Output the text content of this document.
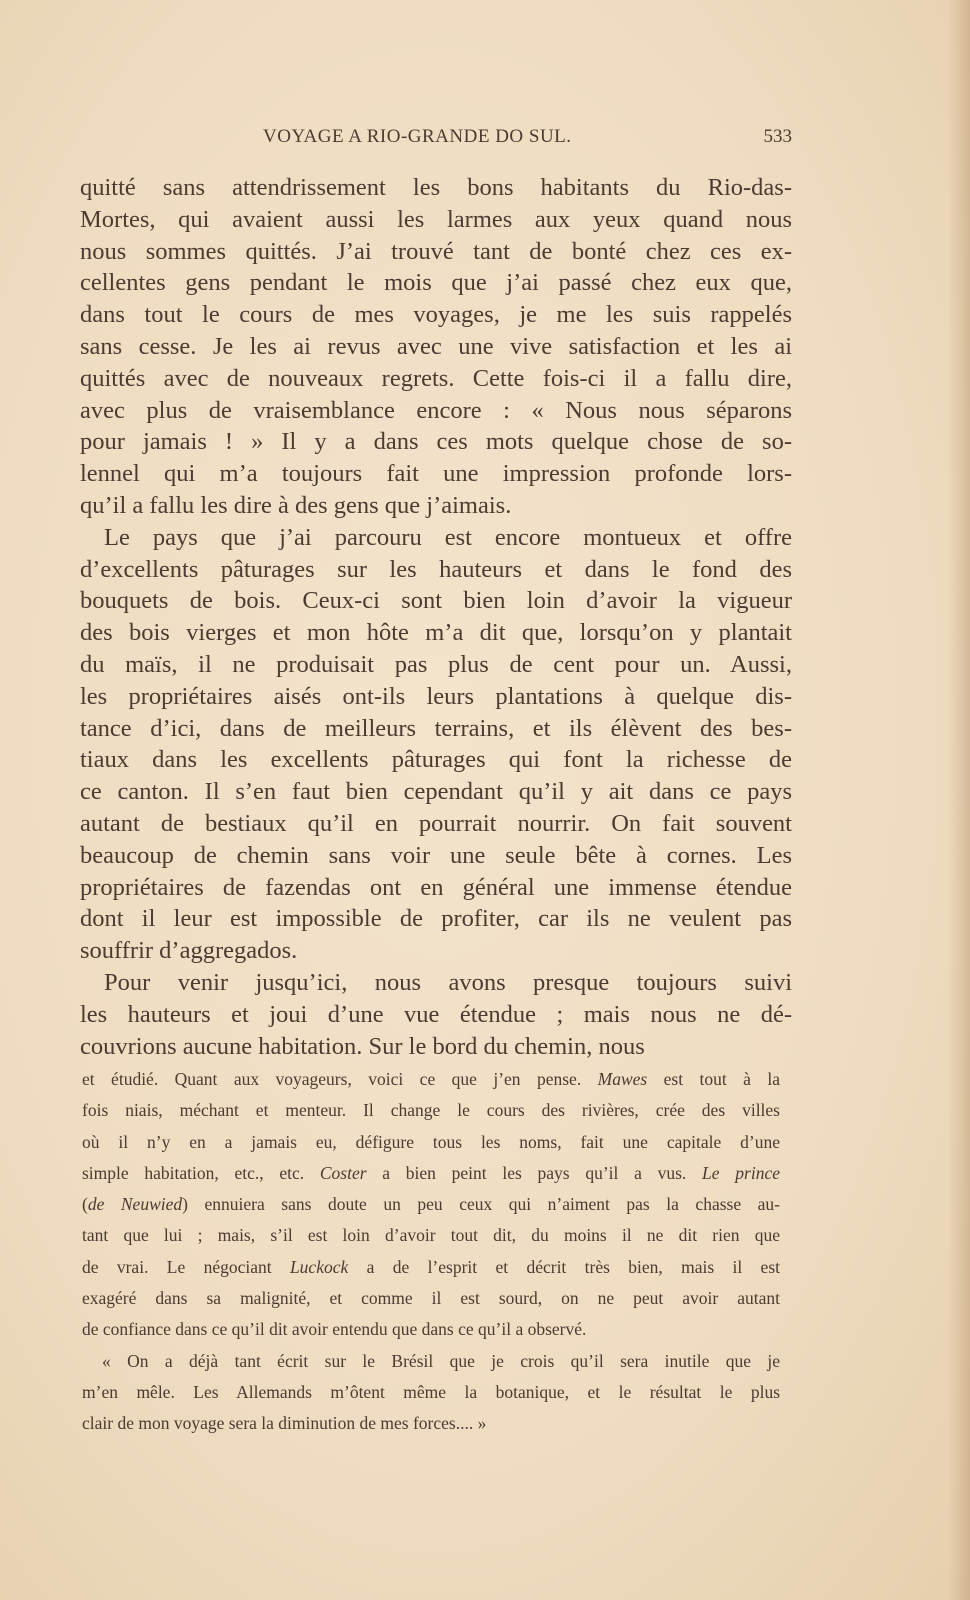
VOYAGE A RIO-GRANDE DO SUL.	533
quitté sans attendrissement les bons habitants du Rio-das-
Mortes, qui avaient aussi les larmes aux yeux quand nous
nous sommes quittés. J’ai trouvé tant de bonté chez ces ex-
cellentes gens pendant le mois que j’ai passé chez eux que,
dans tout le cours de mes voyages, je me les suis rappelés
sans cesse. Je les ai revus avec une vive satisfaction et les ai
quittés avec de nouveaux regrets. Cette fois-ci il a fallu dire,
avec plus de vraisemblance encore : « Nous nous séparons
pour jamais ! » Il y a dans ces mots quelque chose de so-
lennel qui m’a toujours fait une impression profonde lors-
qu’il a fallu les dire à des gens que j’aimais.
Le pays que j’ai parcouru est encore montueux et offre
d’excellents pâturages sur les hauteurs et dans le fond des
bouquets de bois. Ceux-ci sont bien loin d’avoir la vigueur
des bois vierges et mon hôte m’a dit que, lorsqu’on y plantait
du maïs, il ne produisait pas plus de cent pour un. Aussi,
les propriétaires aisés ont-ils leurs plantations à quelque dis-
tance d’ici, dans de meilleurs terrains, et ils élèvent des bes-
tiaux dans les excellents pâturages qui font la richesse de
ce canton. Il s’en faut bien cependant qu’il y ait dans ce pays
autant de bestiaux qu’il en pourrait nourrir. On fait souvent
beaucoup de chemin sans voir une seule bête à cornes. Les
propriétaires de fazendas ont en général une immense étendue
dont il leur est impossible de profiter, car ils ne veulent pas
souffrir d’aggregados.
Pour venir jusqu’ici, nous avons presque toujours suivi
les hauteurs et joui d’une vue étendue ; mais nous ne dé-
couvrions aucune habitation. Sur le bord du chemin, nous
et étudié. Quant aux voyageurs, voici ce que j’en pense. Mawes est tout à la
fois niais, méchant et menteur. Il change le cours des rivières, crée des villes
où il n’y en a jamais eu, défigure tous les noms, fait une capitale d’une
simple habitation, etc., etc. Coster a bien peint les pays qu’il a vus. Le prince
(de Neuwied) ennuiera sans doute un peu ceux qui n’aiment pas la chasse au-
tant que lui ; mais, s’il est loin d’avoir tout dit, du moins il ne dit rien que
de vrai. Le négociant Luckock a de l’esprit et décrit très bien, mais il est
exagéré dans sa malignité, et comme il est sourd, on ne peut avoir autant
de confiance dans ce qu’il dit avoir entendu que dans ce qu’il a observé.
« On a déjà tant écrit sur le Brésil que je crois qu’il sera inutile que je
m’en mêle. Les Allemands m’ôtent même la botanique, et le résultat le plus
clair de mon voyage sera la diminution de mes forces.... »
